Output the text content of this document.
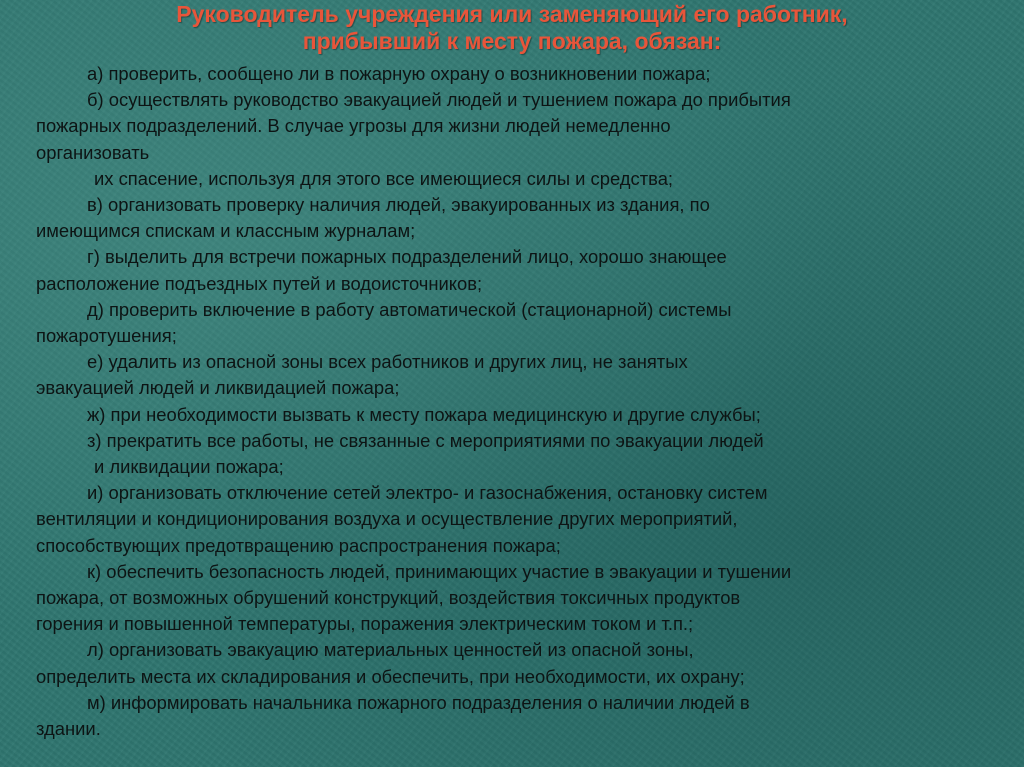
Руководитель учреждения или заменяющий его работник,
прибывший к месту пожара, обязан:
а) проверить, сообщено ли в пожарную охрану о возникновении пожара;
б) осуществлять руководство эвакуацией людей и тушением пожара до прибытия
пожарных подразделений. В случае угрозы для жизни людей немедленно
организовать
их спасение, используя для этого все имеющиеся силы и средства;
в) организовать проверку наличия людей, эвакуированных из здания, по
имеющимся спискам и классным журналам;
г) выделить для встречи пожарных подразделений лицо, хорошо знающее
расположение подъездных путей и водоисточников;
д) проверить включение в работу автоматической (стационарной) системы
пожаротушения;
е) удалить из опасной зоны всех работников и других лиц, не занятых
эвакуацией людей и ликвидацией пожара;
ж) при необходимости вызвать к месту пожара медицинскую и другие службы;
з) прекратить все работы, не связанные с мероприятиями по эвакуации людей
и ликвидации пожара;
и) организовать отключение сетей электро- и газоснабжения, остановку систем
вентиляции и кондиционирования воздуха и осуществление других мероприятий,
способствующих предотвращению распространения пожара;
к) обеспечить безопасность людей, принимающих участие в эвакуации и тушении
пожара, от возможных обрушений конструкций, воздействия токсичных продуктов
горения и повышенной температуры, поражения электрическим током и т.п.;
л) организовать эвакуацию материальных ценностей из опасной зоны,
определить места их складирования и обеспечить, при необходимости, их охрану;
м) информировать начальника пожарного подразделения о наличии людей в
здании.
